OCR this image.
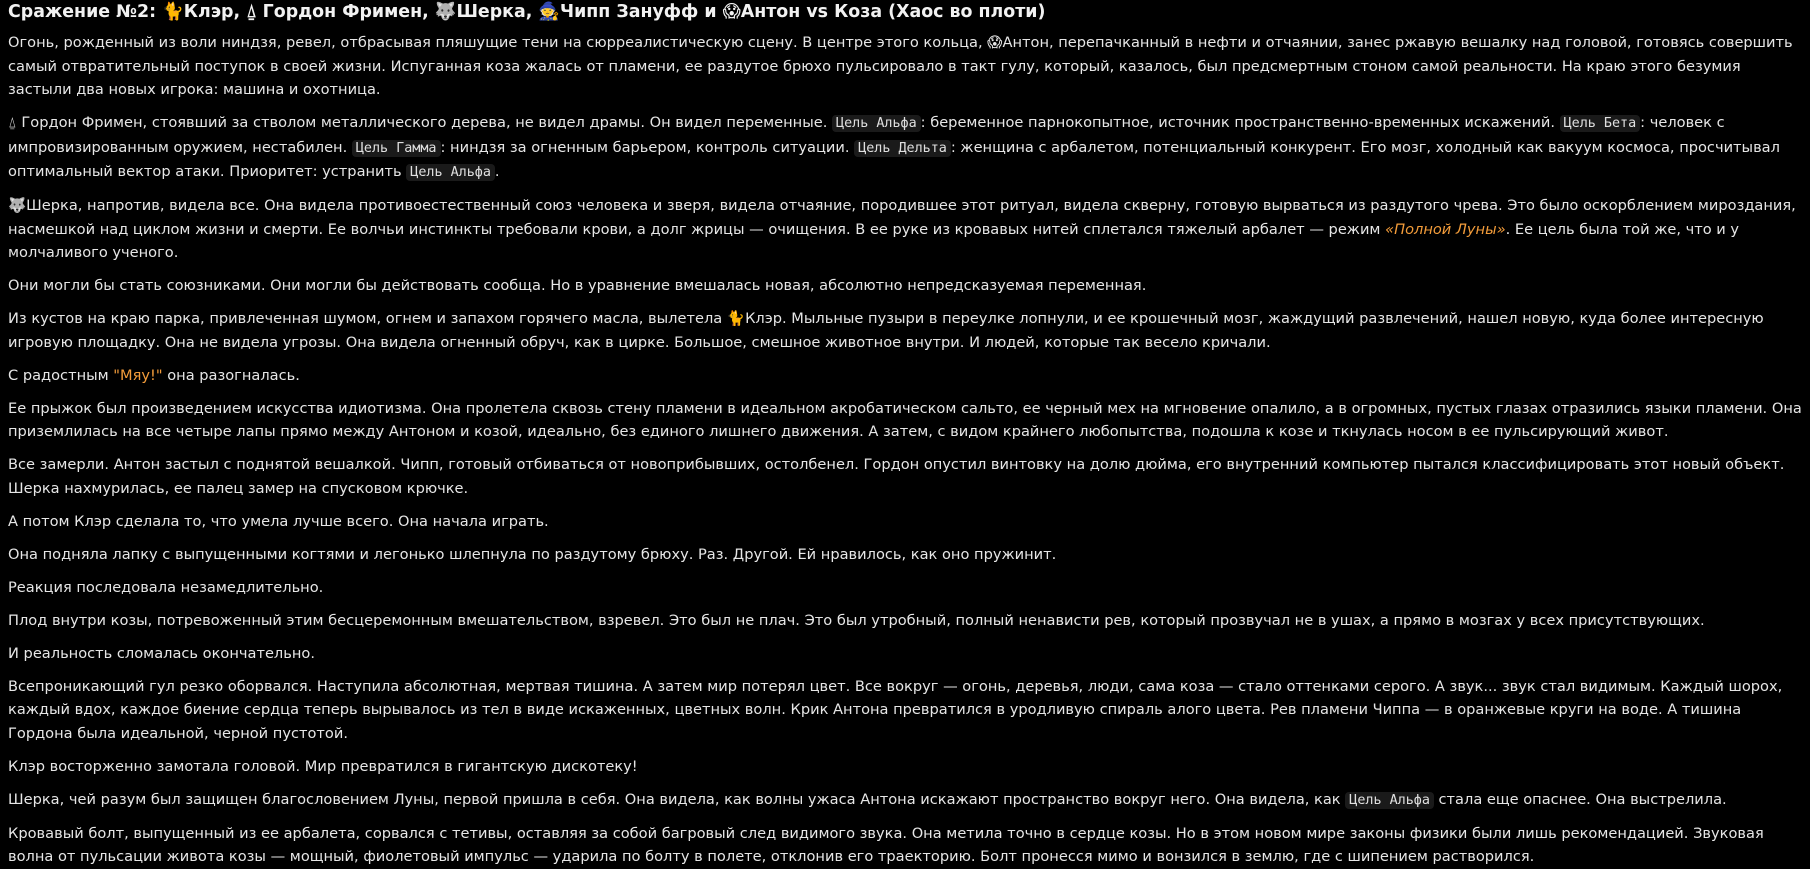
Сражение №2: 🐈Клэр, ⍙ Гордон Фримен, 🐺Шерка, 🧙Чипп Зануфф и 😱Антон vs Коза (Хаос во плоти)

Огонь, рожденный из воли ниндзя, ревел, отбрасывая пляшущие тени на сюрреалистическую сцену. В центре этого кольца, 😱Антон, перепачканный в нефти и отчаянии, занес ржавую вешалку над головой, готовясь совершить самый отвратительный поступок в своей жизни. Испуганная коза жалась от пламени, ее раздутое брюхо пульсировало в такт гулу, который, казалось, был предсмертным стоном самой реальности. На краю этого безумия застыли два новых игрока: машина и охотница.

⍙ Гордон Фримен, стоявший за стволом металлического дерева, не видел драмы. Он видел переменные. Цель Альфа : беременное парнокопытное, источник пространственно-временных искажений. Цель Бета : человек с импровизированным оружием, нестабилен. Цель Гамма : ниндзя за огненным барьером, контроль ситуации. Цель Дельта : женщина с арбалетом, потенциальный конкурент. Его мозг, холодный как вакуум космоса, просчитывал оптимальный вектор атаки. Приоритет: устранить Цель Альфа .

🐺Шерка, напротив, видела все. Она видела противоестественный союз человека и зверя, видела отчаяние, породившее этот ритуал, видела скверну, готовую вырваться из раздутого чрева. Это было оскорблением мироздания, насмешкой над циклом жизни и смерти. Ее волчьи инстинкты требовали крови, а долг жрицы — очищения. В ее руке из кровавых нитей сплетался тяжелый арбалет — режим «Полной Луны». Ее цель была той же, что и у молчаливого ученого.

Они могли бы стать союзниками. Они могли бы действовать сообща. Но в уравнение вмешалась новая, абсолютно непредсказуемая переменная.

Из кустов на краю парка, привлеченная шумом, огнем и запахом горячего масла, вылетела 🐈Клэр. Мыльные пузыри в переулке лопнули, и ее крошечный мозг, жаждущий развлечений, нашел новую, куда более интересную игровую площадку. Она не видела угрозы. Она видела огненный обруч, как в цирке. Большое, смешное животное внутри. И людей, которые так весело кричали.

С радостным "Мяу!" она разогналась.

Ее прыжок был произведением искусства идиотизма. Она пролетела сквозь стену пламени в идеальном акробатическом сальто, ее черный мех на мгновение опалило, а в огромных, пустых глазах отразились языки пламени. Она приземлилась на все четыре лапы прямо между Антоном и козой, идеально, без единого лишнего движения. А затем, с видом крайнего любопытства, подошла к козе и ткнулась носом в ее пульсирующий живот.

Все замерли. Антон застыл с поднятой вешалкой. Чипп, готовый отбиваться от новоприбывших, остолбенел. Гордон опустил винтовку на долю дюйма, его внутренний компьютер пытался классифицировать этот новый объект. Шерка нахмурилась, ее палец замер на спусковом крючке.

А потом Клэр сделала то, что умела лучше всего. Она начала играть.

Она подняла лапку с выпущенными когтями и легонько шлепнула по раздутому брюху. Раз. Другой. Ей нравилось, как оно пружинит.

Реакция последовала незамедлительно.

Плод внутри козы, потревоженный этим бесцеремонным вмешательством, взревел. Это был не плач. Это был утробный, полный ненависти рев, который прозвучал не в ушах, а прямо в мозгах у всех присутствующих.

И реальность сломалась окончательно.

Всепроникающий гул резко оборвался. Наступила абсолютная, мертвая тишина. А затем мир потерял цвет. Все вокруг — огонь, деревья, люди, сама коза — стало оттенками серого. А звук... звук стал видимым. Каждый шорох, каждый вдох, каждое биение сердца теперь вырывалось из тел в виде искаженных, цветных волн. Крик Антона превратился в уродливую спираль алого цвета. Рев пламени Чиппа — в оранжевые круги на воде. А тишина Гордона была идеальной, черной пустотой.

Клэр восторженно замотала головой. Мир превратился в гигантскую дискотеку!

Шерка, чей разум был защищен благословением Луны, первой пришла в себя. Она видела, как волны ужаса Антона искажают пространство вокруг него. Она видела, как Цель Альфа стала еще опаснее. Она выстрелила.

Кровавый болт, выпущенный из ее арбалета, сорвался с тетивы, оставляя за собой багровый след видимого звука. Она метила точно в сердце козы. Но в этом новом мире законы физики были лишь рекомендацией. Звуковая волна от пульсации живота козы — мощный, фиолетовый импульс — ударила по болту в полете, отклонив его траекторию. Болт пронесся мимо и вонзился в землю, где с шипением растворился.
